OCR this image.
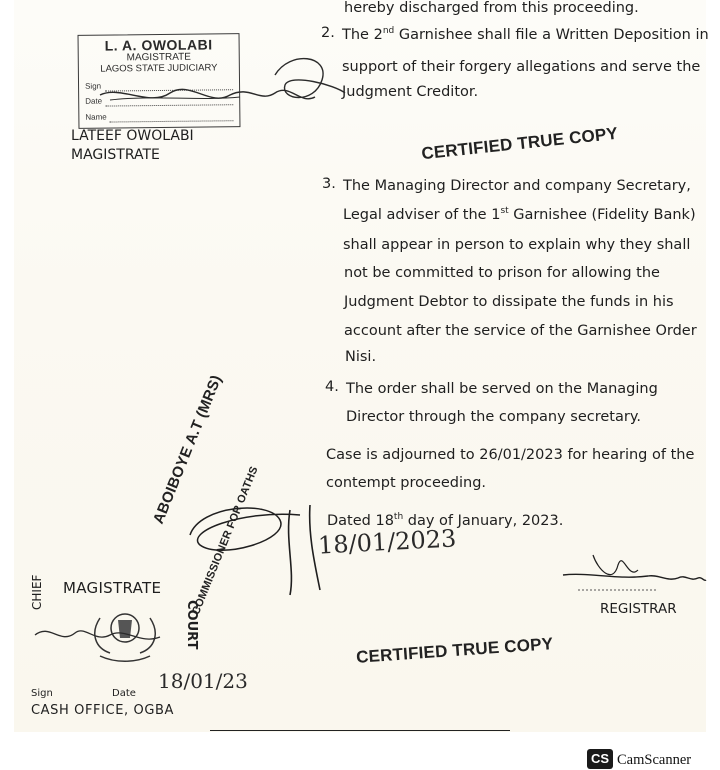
hereby discharged from this proceeding.
2. The 2nd Garnishee shall file a Written Deposition in
support of their forgery allegations and serve the
Judgment Creditor.
L. A. OWOLABI
MAGISTRATE
LAGOS STATE JUDICIARY
Sign
Date
Name
LATEEF OWOLABI
MAGISTRATE	CERTIFIED TRUE COPY
3. The Managing Director and company Secretary,
Legal adviser of the 1st Garnishee (Fidelity Bank)
shall appear in person to explain why they shall
not be committed to prison for allowing the
Judgment Debtor to dissipate the funds in his
account after the service of the Garnishee Order
Nisi.
4. The order shall be served on the Managing
Director through the company secretary.
Case is adjourned to 26/01/2023 for hearing of the
contempt proceeding.
Dated 18th day of January, 2023.
ABOIBOYE A.T (MRS)
COMMISSIONER FOR OATHS 18/01/2023
REGISTRAR
MAGISTRATE
CHIEF
COURT
Sign	Date
18/01/23
CASH OFFICE, OGBA
CERTIFIED TRUE COPY
CS CamScanner
